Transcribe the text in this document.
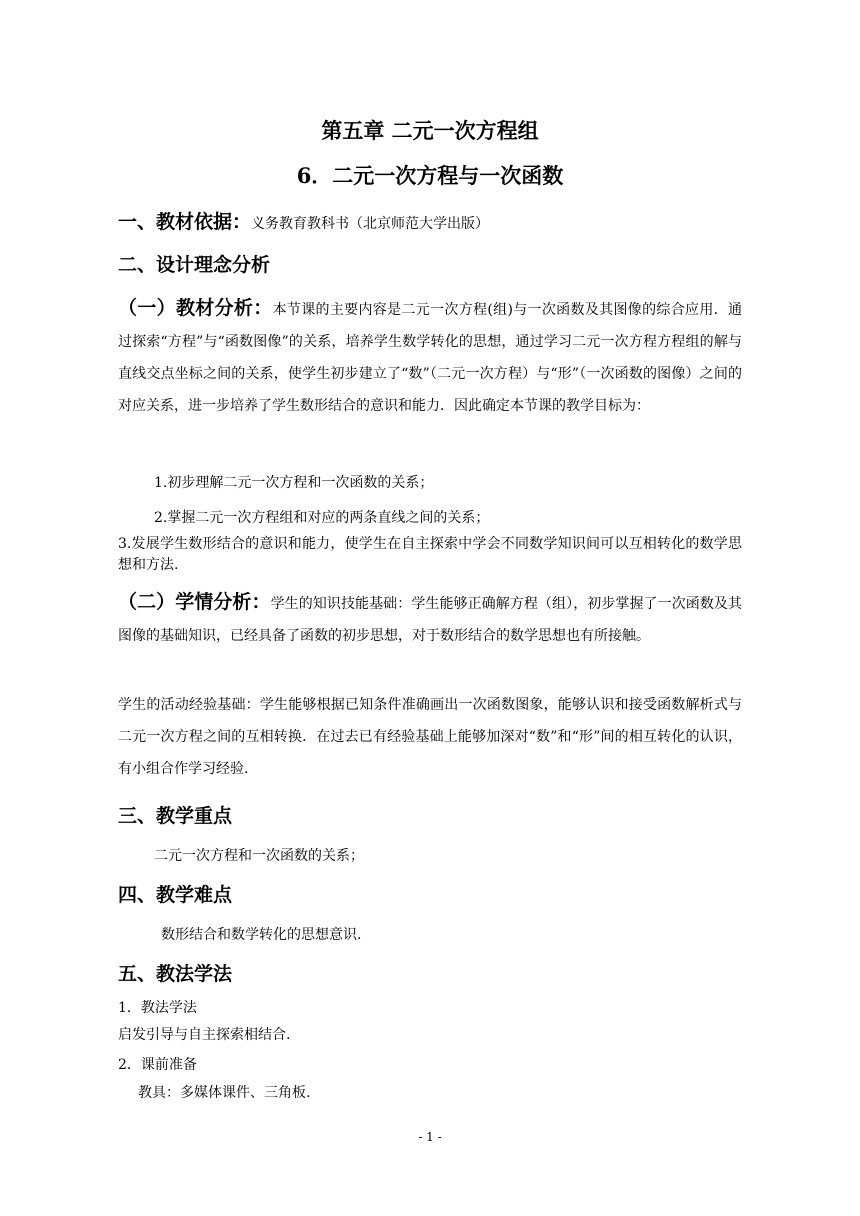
第五章 二元一次方程组
6．二元一次方程与一次函数
一、教材依据：义务教育教科书（北京师范大学出版）
二、设计理念分析
（一）教材分析：本节课的主要内容是二元一次方程(组)与一次函数及其图像的综合应用．通过探索“方程”与“函数图像”的关系，培养学生数学转化的思想，通过学习二元一次方程方程组的解与直线交点坐标之间的关系，使学生初步建立了“数”（二元一次方程）与“形”（一次函数的图像）之间的对应关系，进一步培养了学生数形结合的意识和能力．因此确定本节课的教学目标为：
1.初步理解二元一次方程和一次函数的关系；
2.掌握二元一次方程组和对应的两条直线之间的关系；
3.发展学生数形结合的意识和能力，使学生在自主探索中学会不同数学知识间可以互相转化的数学思想和方法.
（二）学情分析：学生的知识技能基础：学生能够正确解方程（组），初步掌握了一次函数及其图像的基础知识，已经具备了函数的初步思想，对于数形结合的数学思想也有所接触。
学生的活动经验基础：学生能够根据已知条件准确画出一次函数图象，能够认识和接受函数解析式与二元一次方程之间的互相转换．在过去已有经验基础上能够加深对“数”和“形”间的相互转化的认识，有小组合作学习经验.
三、教学重点
二元一次方程和一次函数的关系；
四、教学难点
数形结合和数学转化的思想意识.
五、教法学法
1．教法学法
启发引导与自主探索相结合.
2．课前准备
教具：多媒体课件、三角板.
- 1 -
